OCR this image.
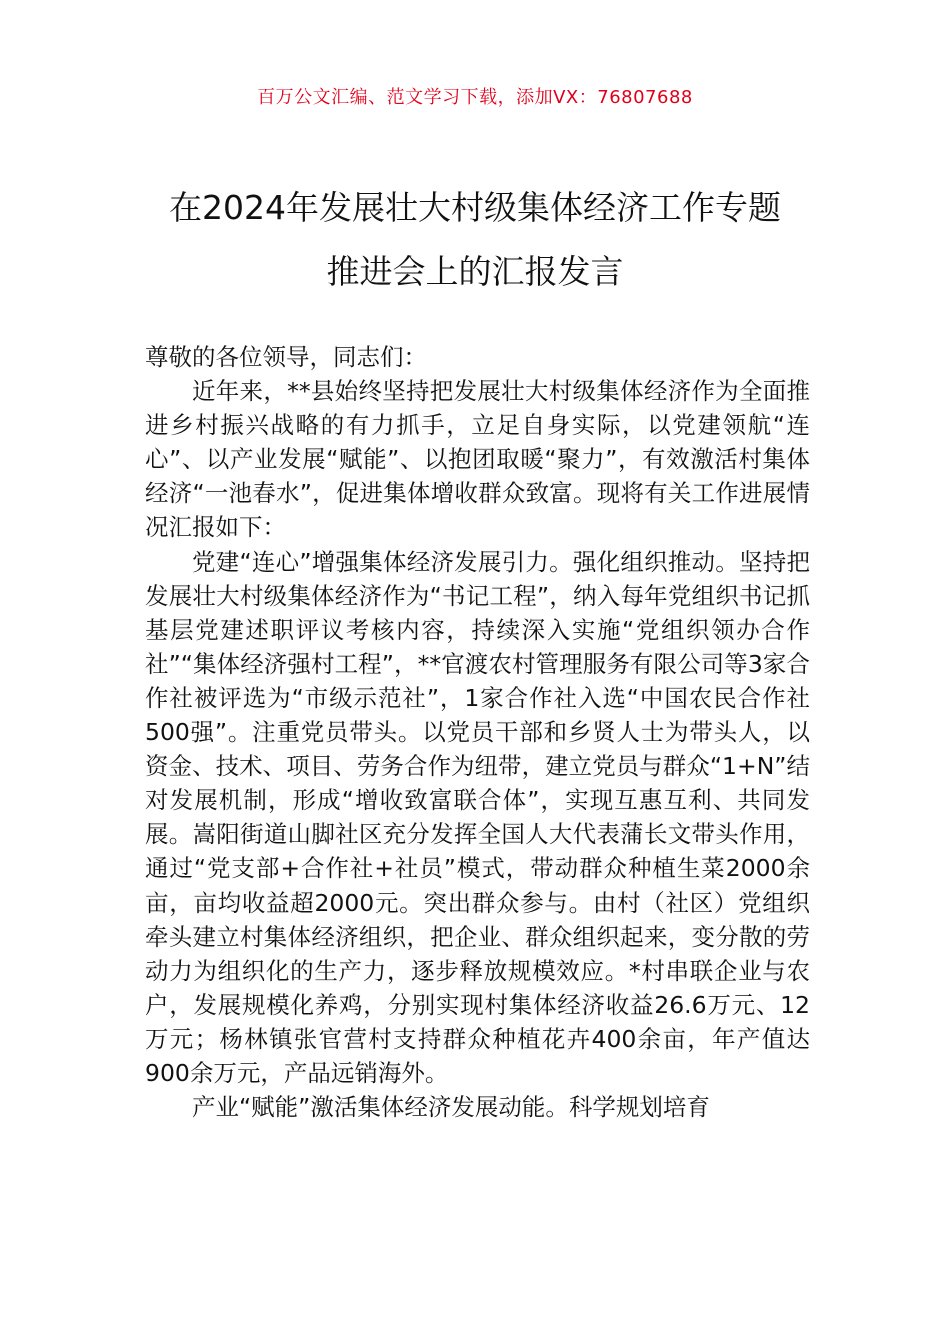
百万公文汇编、范文学习下载，添加VX：76807688
在2024年发展壮大村级集体经济工作专题
推进会上的汇报发言

尊敬的各位领导，同志们：

近年来，**县始终坚持把发展壮大村级集体经济作为全面推进乡村振兴战略的有力抓手，立足自身实际，以党建领航“连心”、以产业发展“赋能”、以抱团取暖“聚力”，有效激活村集体经济“一池春水”，促进集体增收群众致富。现将有关工作进展情况汇报如下：

党建“连心”增强集体经济发展引力。强化组织推动。坚持把发展壮大村级集体经济作为“书记工程”，纳入每年党组织书记抓基层党建述职评议考核内容，持续深入实施“党组织领办合作社”“集体经济强村工程”，**官渡农村管理服务有限公司等3家合作社被评选为“市级示范社”，1家合作社入选“中国农民合作社500强”。注重党员带头。以党员干部和乡贤人士为带头人，以资金、技术、项目、劳务合作为纽带，建立党员与群众“1+N”结对发展机制，形成“增收致富联合体”，实现互惠互利、共同发展。嵩阳街道山脚社区充分发挥全国人大代表蒲长文带头作用，通过“党支部+合作社+社员”模式，带动群众种植生菜2000余亩，亩均收益超2000元。突出群众参与。由村（社区）党组织牵头建立村集体经济组织，把企业、群众组织起来，变分散的劳动力为组织化的生产力，逐步释放规模效应。*村串联企业与农户，发展规模化养鸡，分别实现村集体经济收益26.6万元、12万元；杨林镇张官营村支持群众种植花卉400余亩，年产值达900余万元，产品远销海外。

产业“赋能”激活集体经济发展动能。科学规划培育
